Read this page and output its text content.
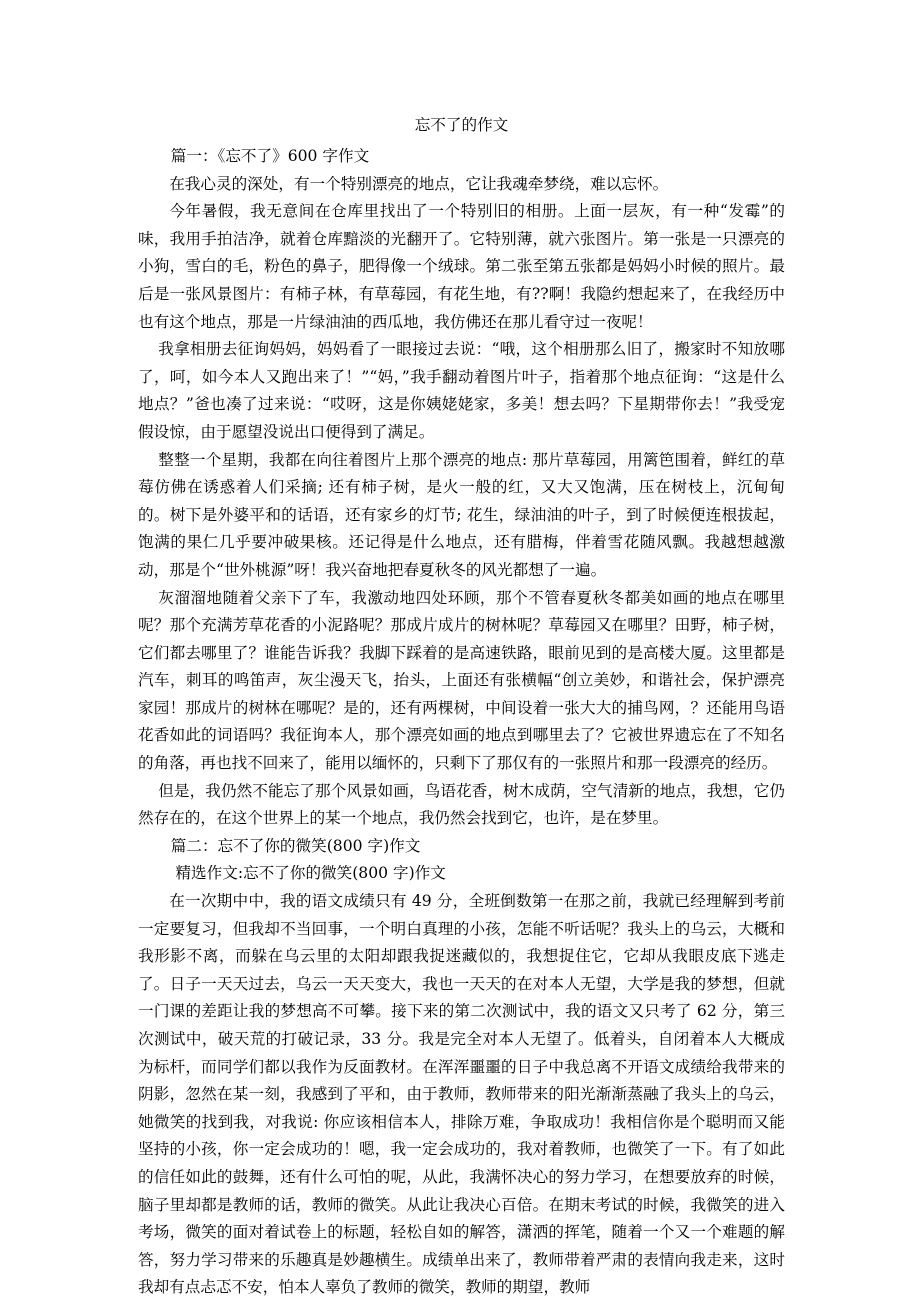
忘不了的作文

篇一：《忘不了》600 字作文

在我心灵的深处，有一个特别漂亮的地点，它让我魂牵梦绕，难以忘怀。

今年暑假，我无意间在仓库里找出了一个特别旧的相册。上面一层灰，有一种“发霉”的味，我用手拍洁净，就着仓库黯淡的光翻开了。它特别薄，就六张图片。第一张是一只漂亮的小狗，雪白的毛，粉色的鼻子，肥得像一个绒球。第二张至第五张都是妈妈小时候的照片。最后是一张风景图片：有柿子林，有草莓园，有花生地，有??啊！我隐约想起来了，在我经历中也有这个地点，那是一片绿油油的西瓜地，我仿佛还在那儿看守过一夜呢！

我拿相册去征询妈妈，妈妈看了一眼接过去说：“哦，这个相册那么旧了，搬家时不知放哪了，呵，如今本人又跑出来了！”“妈，”我手翻动着图片叶子，指着那个地点征询：“这是什么地点？”爸也凑了过来说：“哎呀，这是你姨姥姥家，多美！想去吗？下星期带你去！”我受宠假设惊，由于愿望没说出口便得到了满足。

整整一个星期，我都在向往着图片上那个漂亮的地点: 那片草莓园，用篱笆围着，鲜红的草莓仿佛在诱惑着人们采摘; 还有柿子树，是火一般的红，又大又饱满，压在树枝上，沉甸甸的。树下是外婆平和的话语，还有家乡的灯节; 花生，绿油油的叶子，到了时候便连根拔起，饱满的果仁几乎要冲破果核。还记得是什么地点，还有腊梅，伴着雪花随风飘。我越想越激动，那是个“世外桃源”呀！我兴奋地把春夏秋冬的风光都想了一遍。

灰溜溜地随着父亲下了车，我激动地四处环顾，那个不管春夏秋冬都美如画的地点在哪里呢？那个充满芳草花香的小泥路呢？那成片成片的树林呢？草莓园又在哪里？田野，柿子树，它们都去哪里了？谁能告诉我？我脚下踩着的是高速铁路，眼前见到的是高楼大厦。这里都是汽车，刺耳的鸣笛声，灰尘漫天飞，抬头，上面还有张横幅“创立美妙，和谐社会，保护漂亮家园！那成片的树林在哪呢？是的，还有两棵树，中间设着一张大大的捕鸟网，？还能用鸟语花香如此的词语吗？我征询本人，那个漂亮如画的地点到哪里去了？它被世界遗忘在了不知名的角落，再也找不回来了，能用以缅怀的，只剩下了那仅有的一张照片和那一段漂亮的经历。

但是，我仍然不能忘了那个风景如画，鸟语花香，树木成荫，空气清新的地点，我想，它仍然存在的，在这个世界上的某一个地点，我仍然会找到它，也许，是在梦里。

篇二：忘不了你的微笑(800 字)作文

精选作文:忘不了你的微笑(800 字)作文

在一次期中中，我的语文成绩只有 49 分，全班倒数第一在那之前，我就已经理解到考前一定要复习，但我却不当回事，一个明白真理的小孩，怎能不听话呢？我头上的乌云，大概和我形影不离，而躲在乌云里的太阳却跟我捉迷藏似的，我想捉住它，它却从我眼皮底下逃走了。日子一天天过去，乌云一天天变大，我也一天天的在对本人无望，大学是我的梦想，但就一门课的差距让我的梦想高不可攀。接下来的第二次测试中，我的语文又只考了 62 分，第三次测试中，破天荒的打破记录，33 分。我是完全对本人无望了。低着头，自闭着本人大概成为标杆，而同学们都以我作为反面教材。在浑浑噩噩的日子中我总离不开语文成绩给我带来的阴影，忽然在某一刻，我感到了平和，由于教师，教师带来的阳光渐渐蒸融了我头上的乌云，她微笑的找到我，对我说: 你应该相信本人，排除万难，争取成功！我相信你是个聪明而又能坚持的小孩，你一定会成功的！嗯，我一定会成功的，我对着教师，也微笑了一下。有了如此的信任如此的鼓舞，还有什么可怕的呢，从此，我满怀决心的努力学习，在想要放弃的时候，脑子里却都是教师的话，教师的微笑。从此让我决心百倍。在期末考试的时候，我微笑的进入考场，微笑的面对着试卷上的标题，轻松自如的解答，潇洒的挥笔，随着一个又一个难题的解答，努力学习带来的乐趣真是妙趣横生。成绩单出来了，教师带着严肃的表情向我走来，这时我却有点忐忑不安，怕本人辜负了教师的微笑，教师的期望，教师
